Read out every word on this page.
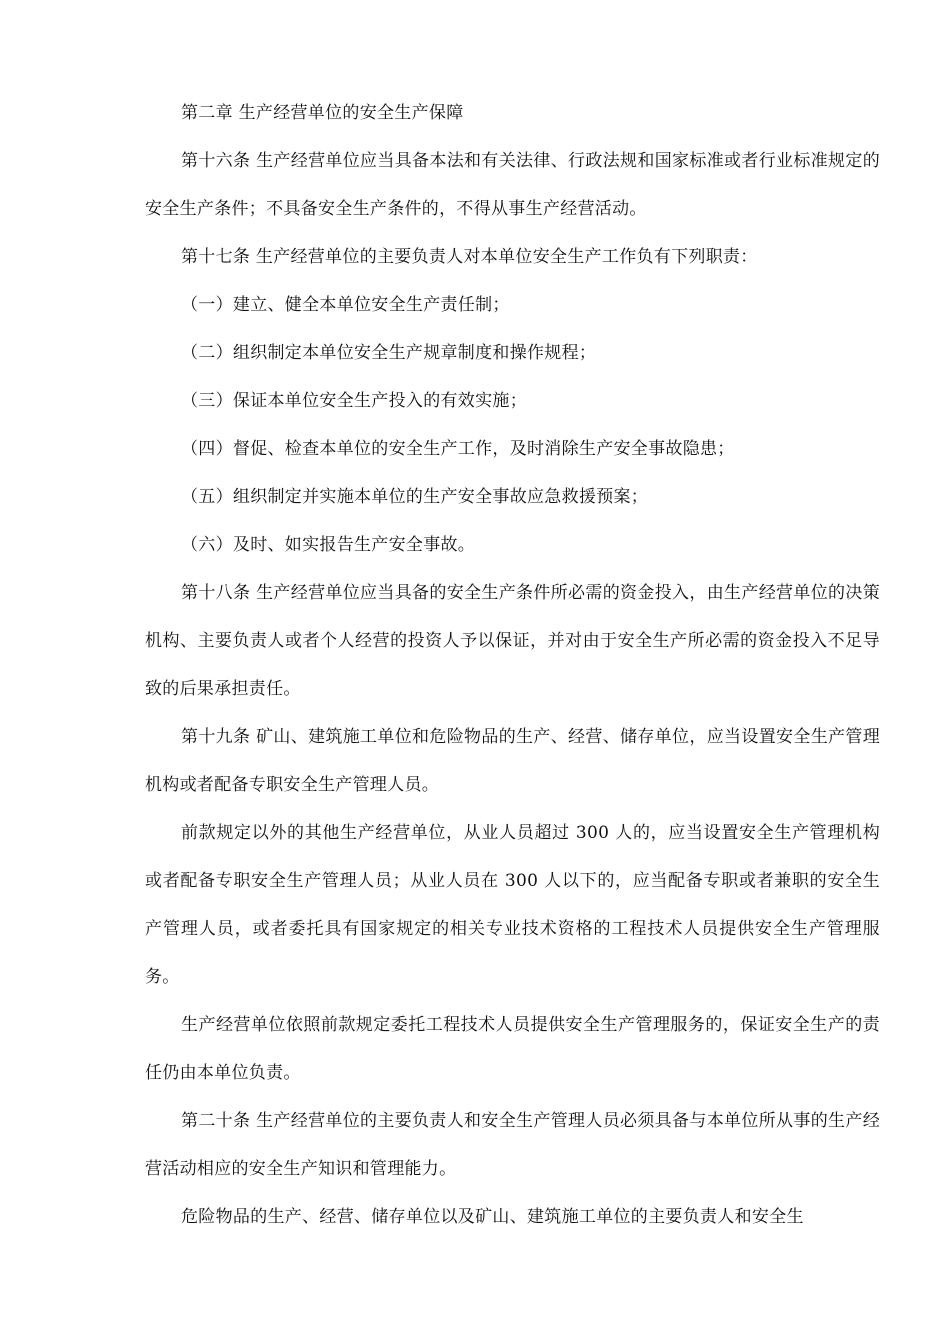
第二章 生产经营单位的安全生产保障

第十六条 生产经营单位应当具备本法和有关法律、行政法规和国家标准或者行业标准规定的安全生产条件；不具备安全生产条件的，不得从事生产经营活动。

第十七条 生产经营单位的主要负责人对本单位安全生产工作负有下列职责：

（一）建立、健全本单位安全生产责任制；

（二）组织制定本单位安全生产规章制度和操作规程；

（三）保证本单位安全生产投入的有效实施；

（四）督促、检查本单位的安全生产工作，及时消除生产安全事故隐患；

（五）组织制定并实施本单位的生产安全事故应急救援预案；

（六）及时、如实报告生产安全事故。

第十八条 生产经营单位应当具备的安全生产条件所必需的资金投入，由生产经营单位的决策机构、主要负责人或者个人经营的投资人予以保证，并对由于安全生产所必需的资金投入不足导致的后果承担责任。

第十九条 矿山、建筑施工单位和危险物品的生产、经营、储存单位，应当设置安全生产管理机构或者配备专职安全生产管理人员。

前款规定以外的其他生产经营单位，从业人员超过 300 人的，应当设置安全生产管理机构或者配备专职安全生产管理人员；从业人员在 300 人以下的，应当配备专职或者兼职的安全生产管理人员，或者委托具有国家规定的相关专业技术资格的工程技术人员提供安全生产管理服务。

生产经营单位依照前款规定委托工程技术人员提供安全生产管理服务的，保证安全生产的责任仍由本单位负责。

第二十条 生产经营单位的主要负责人和安全生产管理人员必须具备与本单位所从事的生产经营活动相应的安全生产知识和管理能力。

危险物品的生产、经营、储存单位以及矿山、建筑施工单位的主要负责人和安全生
